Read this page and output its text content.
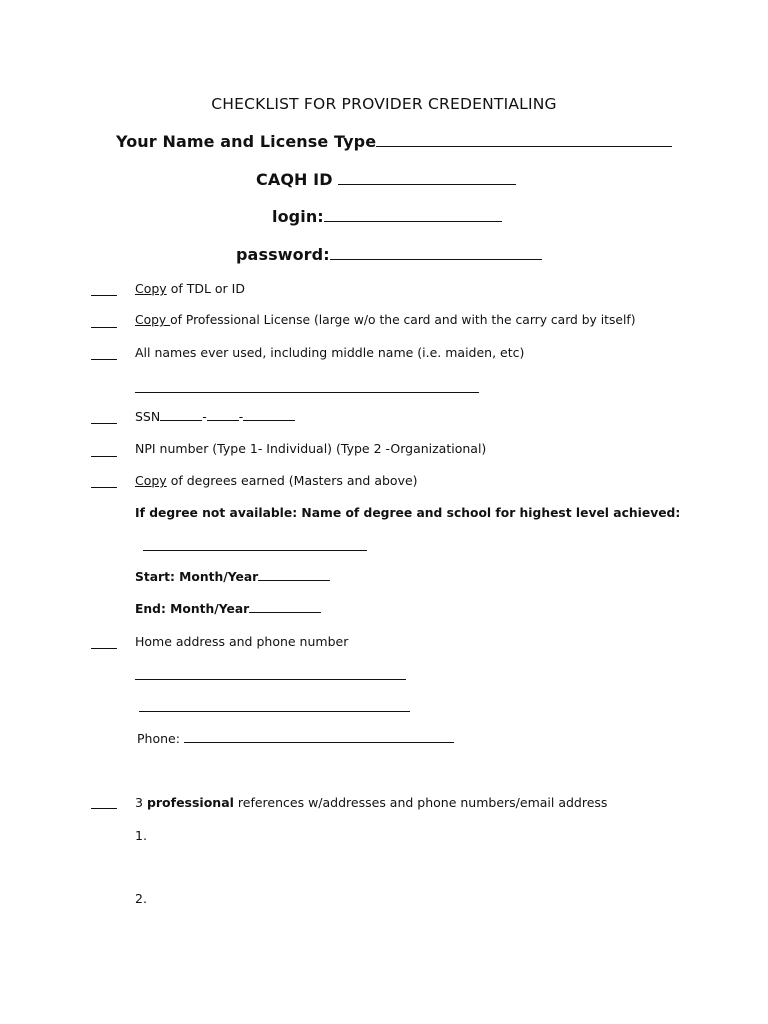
CHECKLIST FOR PROVIDER CREDENTIALING
Your Name and License Type
CAQH ID
login:
password:
Copy of TDL or ID
Copy of Professional License (large w/o the card and with the carry card by itself)
All names ever used, including middle name (i.e. maiden, etc)
SSN	-	-
NPI number (Type 1- Individual) (Type 2 -Organizational)
Copy of degrees earned (Masters and above)
If degree not available: Name of degree and school for highest level achieved:
Start: Month/Year
End: Month/Year
Home address and phone number
Phone:
3 professional references w/addresses and phone numbers/email address
1.
2.
